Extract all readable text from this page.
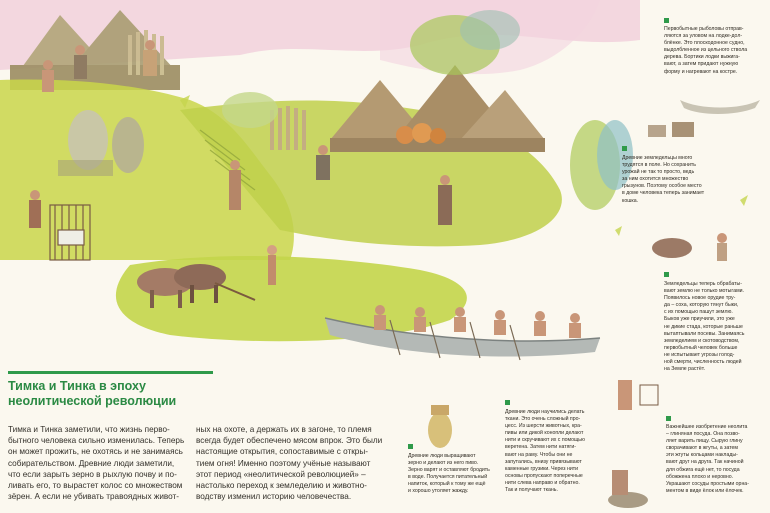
Тимка и Тинка в эпоху
неолитической революции
Тимка и Тинка заметили, что жизнь перво-
бытного человека сильно изменилась. Теперь
он может прожить, не охотясь и не занимаясь
собирательством. Древние люди заметили,
что если зарыть зерно в рыхлую почву и по-
ливать его, то вырастет колос со множеством
зёрен. А если не убивать травоядных живот-
ных на охоте, а держать их в загоне, то племя
всегда будет обеспечено мясом впрок. Это были
настоящие открытия, сопоставимые с откры-
тием огня! Именно поэтому учёные называют
этот период «неолитической революцией» –
настолько переход к земледелию и животно-
водству изменил историю человечества.
Первобытные рыболовы отправ-
ляются за уловом на лодке-дол-
блёнке. Это плоскодонное судно,
выдолбленное из цельного ствола
дерева. Бортики лодки выжига-
вают, а затем придают нужную
форму и нагревают на костре.
Древние земледельцы много
трудятся в поле. Но сохранить
урожай не так то просто, ведь
за ним охотится множество
грызунов. Поэтому особое место
в доме человека теперь занимает
кошка.
Земледельцы теперь обрабаты-
вают землю не только мотыгами.
Появилось новое орудие тру-
да – соха, которую тянут быки,
с их помощью пашут землю.
Быков уже приучили, это уже
не дикие стада, которые раньше
вытаптывали посевы. Занимаясь
земледелием и скотоводством,
первобытный человек больше
не испытывает угрозы голод-
ной смерти, численность людей
на Земле растёт.
Древние люди выращивают
зерно и делают из него пиво.
Зерно варят и оставляют бродить
в воде. Получается питательный
напиток, который к тому же ещё
и хорошо утоляет жажду.
Древние люди научились делать
ткани. Это очень сложный про-
цесс. Из шерсти животных, кра-
пивы или дикой конопли делают
нити и скручивают их с помощью
веретена. Затем нити натяги-
вают на раму. Чтобы они не
запутались, внизу привязывают
каменные грузики. Через нити
основы пропускают поперечные
нити слева направо и обратно.
Так и получают ткань.
Важнейшее изобретение неолита
– глиняная посуда. Она позво-
ляет варить пищу. Сырую глину
сворачивают в жгуты, а затем
эти жгуты кольцами наклады-
вают друг на друга. Так начиной
для обжига ещё нет, то посуда
обожжена плохо и неровно.
Украшают сосуды простыми орна-
ментом в виде ёлок или ёлочек.
